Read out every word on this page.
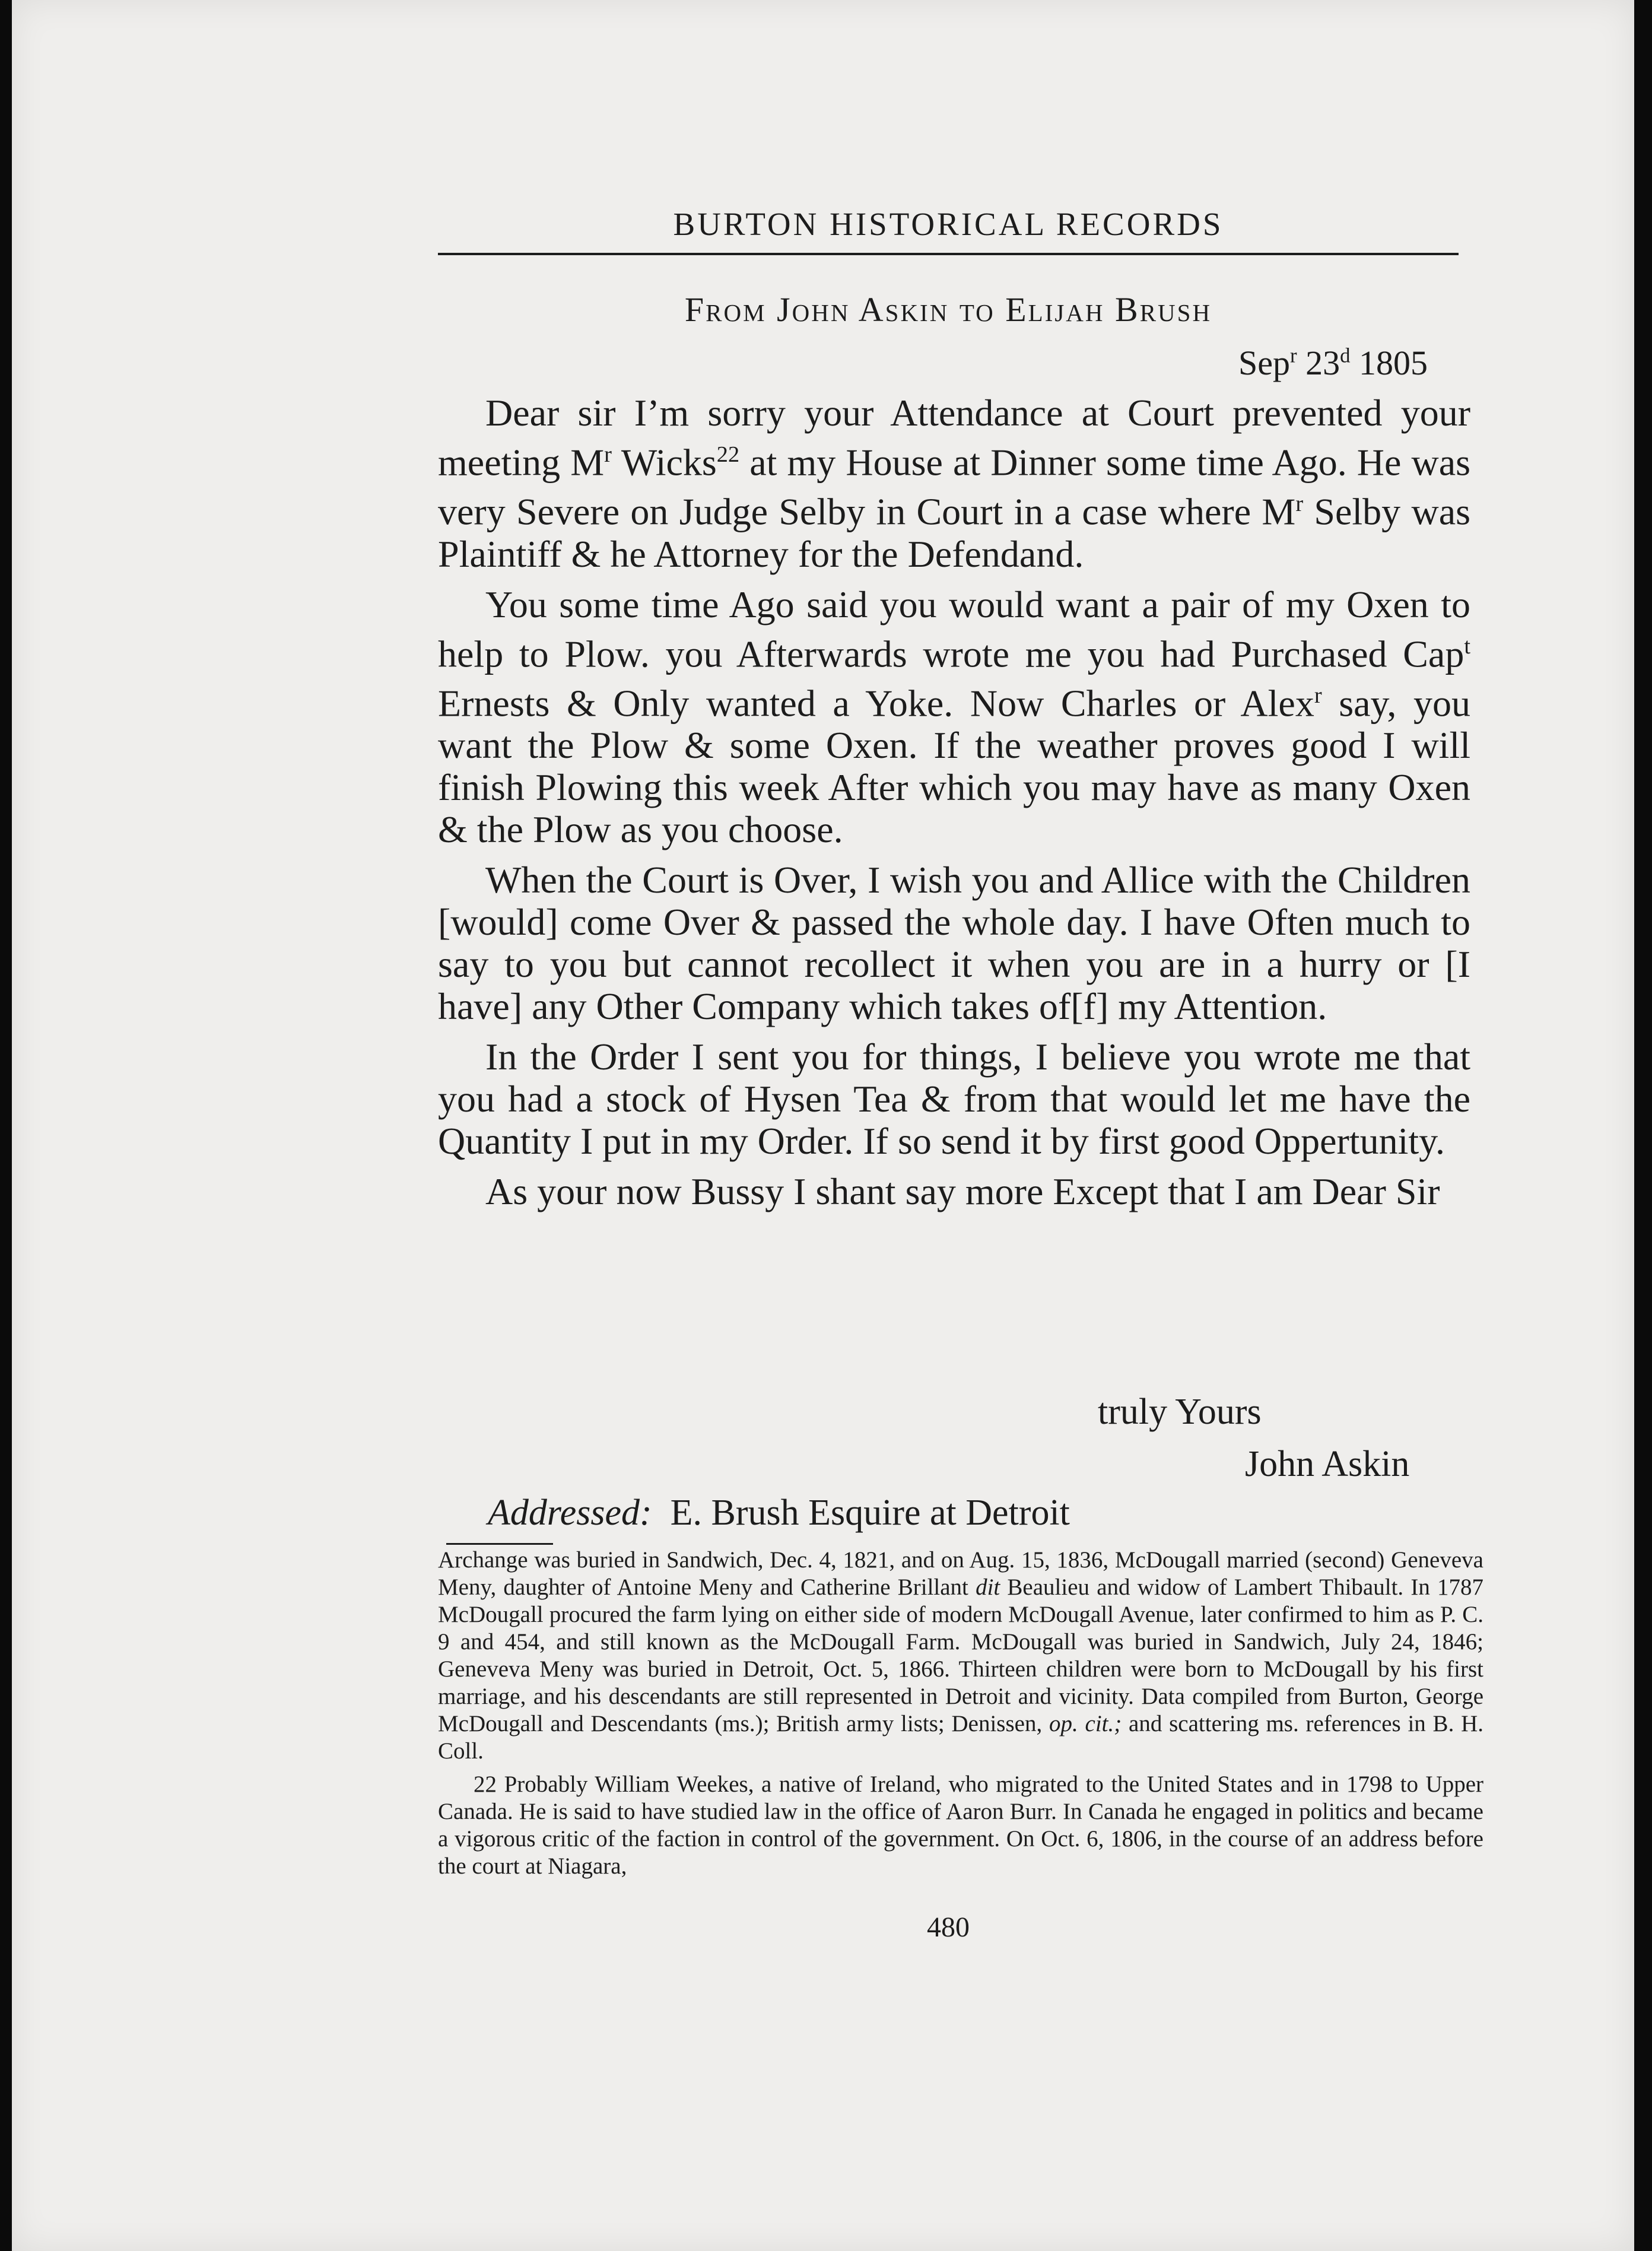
BURTON HISTORICAL RECORDS
From John Askin to Elijah Brush
Sep$^r$ 23$^d$ 1805

Dear sir I’m sorry your Attendance at Court prevented your meeting $M^r$ Wicks$^{22}$ at my House at Dinner some time Ago. He was very Severe on Judge Selby in Court in a case where $M^r$ Selby was Plaintiff & he Attorney for the Defendand.

You some time Ago said you would want a pair of my Oxen to help to Plow. you Afterwards wrote me you had Purchased Cap$^t$ Ernests & Only wanted a Yoke. Now Charles or Alex$^r$ say, you want the Plow & some Oxen. If the weather proves good I will finish Plowing this week After which you may have as many Oxen & the Plow as you choose.

When the Court is Over, I wish you and Allice with the Children [would] come Over & passed the whole day. I have Often much to say to you but cannot recollect it when you are in a hurry or [I have] any Other Company which takes of[f] my Attention.

In the Order I sent you for things, I believe you wrote me that you had a stock of Hysen Tea & from that would let me have the Quantity I put in my Order. If so send it by first good Oppertunity.

As your now Bussy I shant say more Except that I am Dear Sir

truly Yours
John Askin
Addressed: E. Brush Esquire at Detroit

Archange was buried in Sandwich, Dec. 4, 1821, and on Aug. 15, 1836, McDougall married (second) Geneveva Meny, daughter of Antoine Meny and Catherine Brillant dit Beaulieu and widow of Lambert Thibault. In 1787 McDougall procured the farm lying on either side of modern McDougall Avenue, later confirmed to him as P. C. 9 and 454, and still known as the McDougall Farm. McDougall was buried in Sandwich, July 24, 1846; Geneveva Meny was buried in Detroit, Oct. 5, 1866. Thirteen children were born to McDougall by his first marriage, and his descendants are still represented in Detroit and vicinity. Data compiled from Burton, George McDougall and Descendants (ms.); British army lists; Denissen, op. cit.; and scattering ms. references in B. H. Coll.

22 Probably William Weekes, a native of Ireland, who migrated to the United States and in 1798 to Upper Canada. He is said to have studied law in the office of Aaron Burr. In Canada he engaged in politics and became a vigorous critic of the faction in control of the government. On Oct. 6, 1806, in the course of an address before the court at Niagara,

480
